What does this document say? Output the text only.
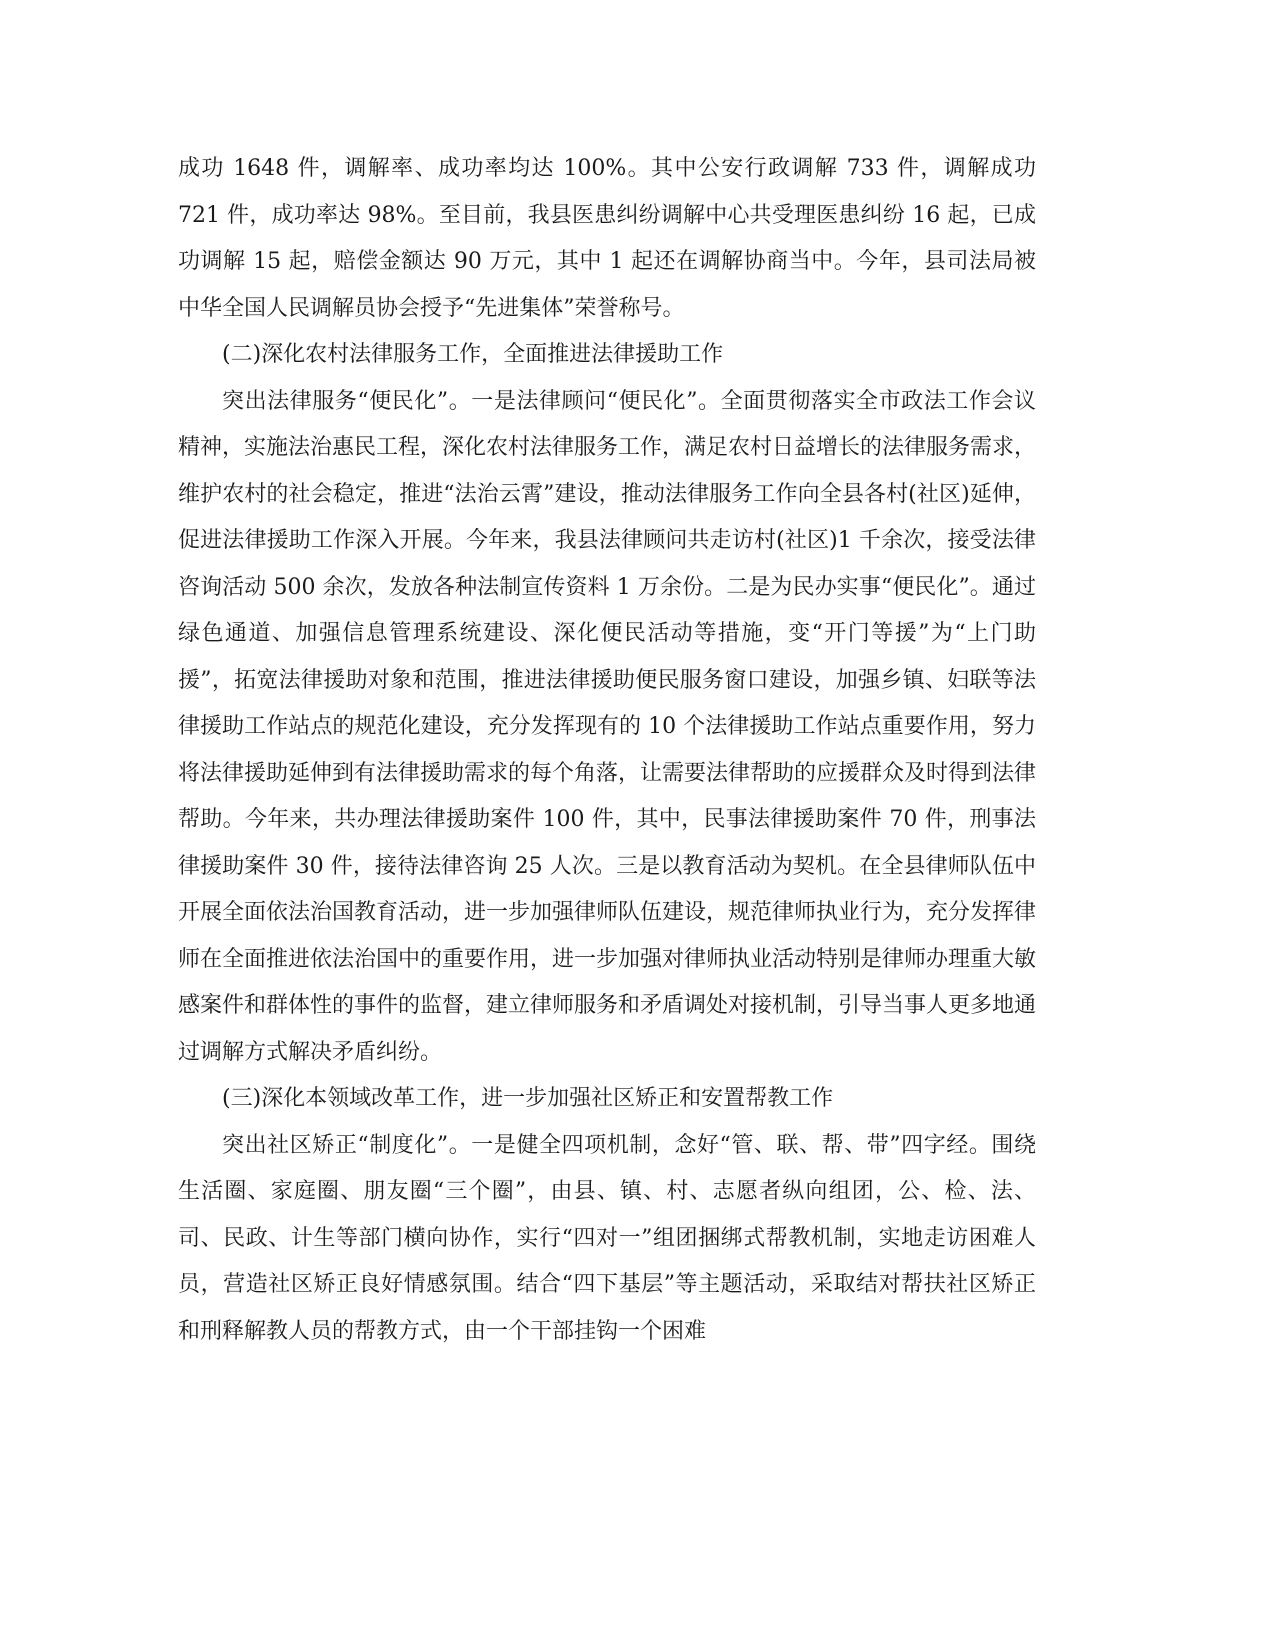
成功 1648 件，调解率、成功率均达 100%。其中公安行政调解 733 件，调解成功 721 件，成功率达 98%。至目前，我县医患纠纷调解中心共受理医患纠纷 16 起，已成功调解 15 起，赔偿金额达 90 万元，其中 1 起还在调解协商当中。今年，县司法局被中华全国人民调解员协会授予“先进集体”荣誉称号。

(二)深化农村法律服务工作，全面推进法律援助工作

突出法律服务“便民化”。一是法律顾问“便民化”。全面贯彻落实全市政法工作会议精神，实施法治惠民工程，深化农村法律服务工作，满足农村日益增长的法律服务需求，维护农村的社会稳定，推进“法治云霄”建设，推动法律服务工作向全县各村(社区)延伸，促进法律援助工作深入开展。今年来，我县法律顾问共走访村(社区)1 千余次，接受法律咨询活动 500 余次，发放各种法制宣传资料 1 万余份。二是为民办实事“便民化”。通过绿色通道、加强信息管理系统建设、深化便民活动等措施，变“开门等援”为“上门助援”，拓宽法律援助对象和范围，推进法律援助便民服务窗口建设，加强乡镇、妇联等法律援助工作站点的规范化建设，充分发挥现有的 10 个法律援助工作站点重要作用，努力将法律援助延伸到有法律援助需求的每个角落，让需要法律帮助的应援群众及时得到法律帮助。今年来，共办理法律援助案件 100 件，其中，民事法律援助案件 70 件，刑事法律援助案件 30 件，接待法律咨询 25 人次。三是以教育活动为契机。在全县律师队伍中开展全面依法治国教育活动，进一步加强律师队伍建设，规范律师执业行为，充分发挥律师在全面推进依法治国中的重要作用，进一步加强对律师执业活动特别是律师办理重大敏感案件和群体性的事件的监督，建立律师服务和矛盾调处对接机制，引导当事人更多地通过调解方式解决矛盾纠纷。

(三)深化本领域改革工作，进一步加强社区矫正和安置帮教工作

突出社区矫正“制度化”。一是健全四项机制，念好“管、联、帮、带”四字经。围绕生活圈、家庭圈、朋友圈“三个圈”，由县、镇、村、志愿者纵向组团，公、检、法、司、民政、计生等部门横向协作，实行“四对一”组团捆绑式帮教机制，实地走访困难人员，营造社区矫正良好情感氛围。结合“四下基层”等主题活动，采取结对帮扶社区矫正和刑释解教人员的帮教方式，由一个干部挂钩一个困难
